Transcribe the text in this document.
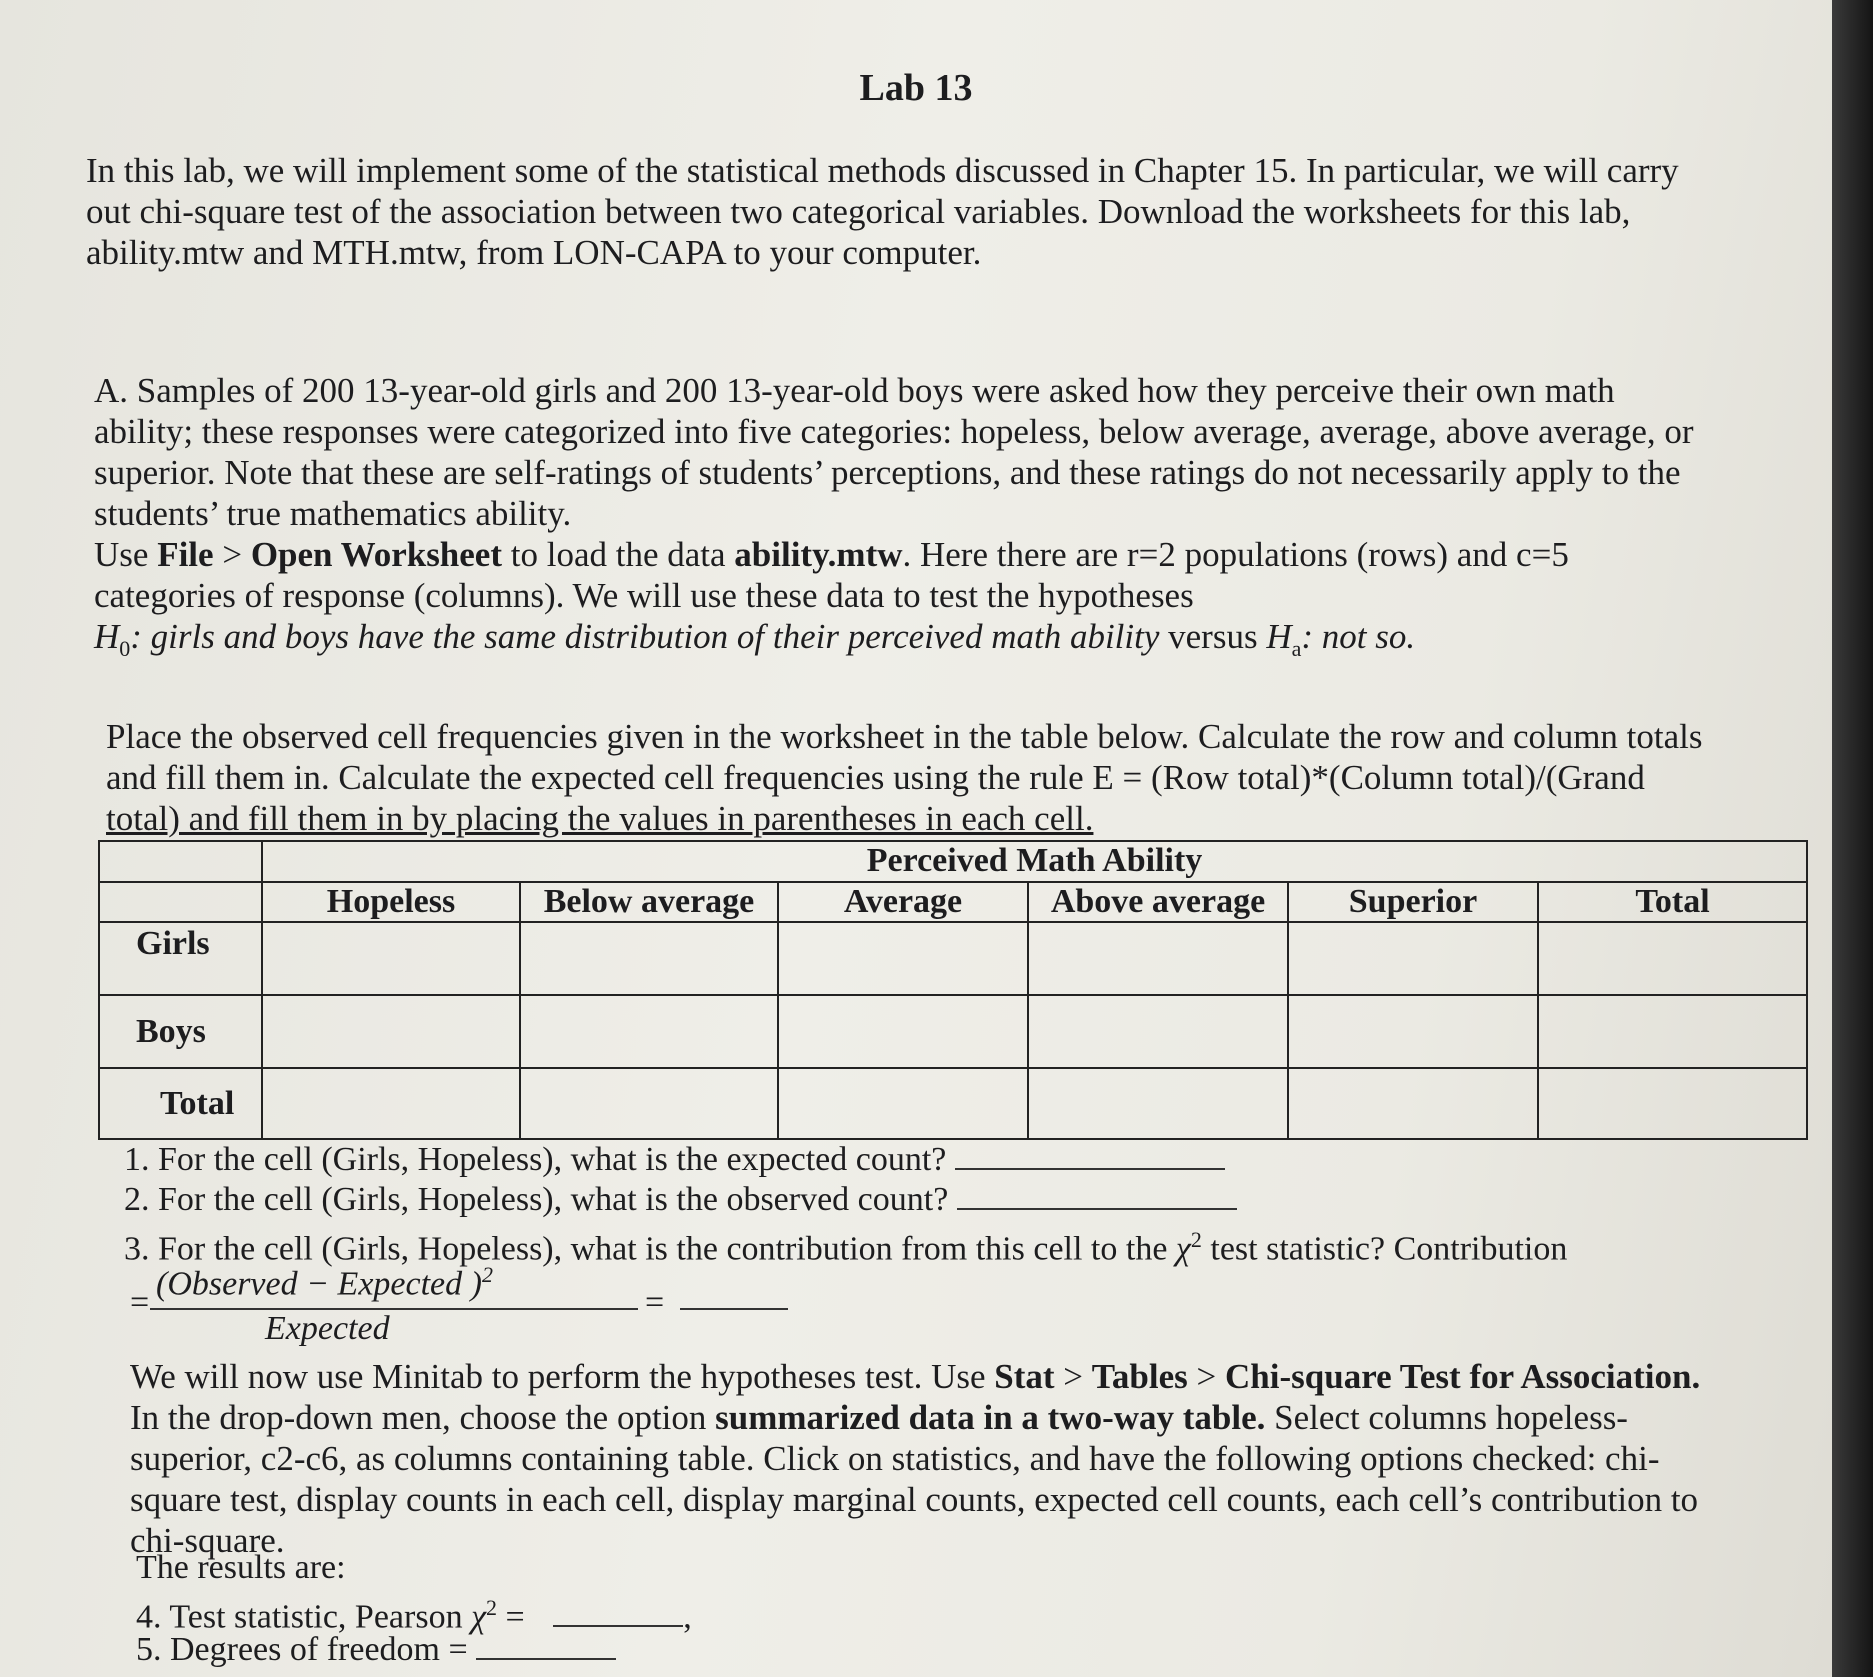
Lab 13
In this lab, we will implement some of the statistical methods discussed in Chapter 15. In particular, we will carry
out chi-square test of the association between two categorical variables. Download the worksheets for this lab,
ability.mtw and MTH.mtw, from LON-CAPA to your computer.
A. Samples of 200 13-year-old girls and 200 13-year-old boys were asked how they perceive their own math
ability; these responses were categorized into five categories: hopeless, below average, average, above average, or
superior. Note that these are self-ratings of students’ perceptions, and these ratings do not necessarily apply to the
students’ true mathematics ability.
Use File > Open Worksheet to load the data ability.mtw. Here there are r=2 populations (rows) and c=5
categories of response (columns). We will use these data to test the hypotheses
$H_0$: girls and boys have the same distribution of their perceived math ability versus $H_a$: not so.
Place the observed cell frequencies given in the worksheet in the table below. Calculate the row and column totals
and fill them in. Calculate the expected cell frequencies using the rule E = (Row total)*(Column total)/(Grand
total) and fill them in by placing the values in parentheses in each cell.
	Perceived Math Ability					
	Hopeless	Below average	Average	Above average	Superior	Total
Girls						
Boys						
Total						
1. For the cell (Girls, Hopeless), what is the expected count?
2. For the cell (Girls, Hopeless), what is the observed count?
3. For the cell (Girls, Hopeless), what is the contribution from this cell to the $\chi^2$ test statistic? Contribution
=
(Observed − Expected )$^2$
Expected
=
We will now use Minitab to perform the hypotheses test. Use Stat > Tables > Chi-square Test for Association.
In the drop-down men, choose the option summarized data in a two-way table. Select columns hopeless-
superior, c2-c6, as columns containing table. Click on statistics, and have the following options checked: chi-
square test, display counts in each cell, display marginal counts, expected cell counts, each cell’s contribution to
chi-square.
The results are:
4. Test statistic, Pearson $\chi^2$ =	,
5. Degrees of freedom =
